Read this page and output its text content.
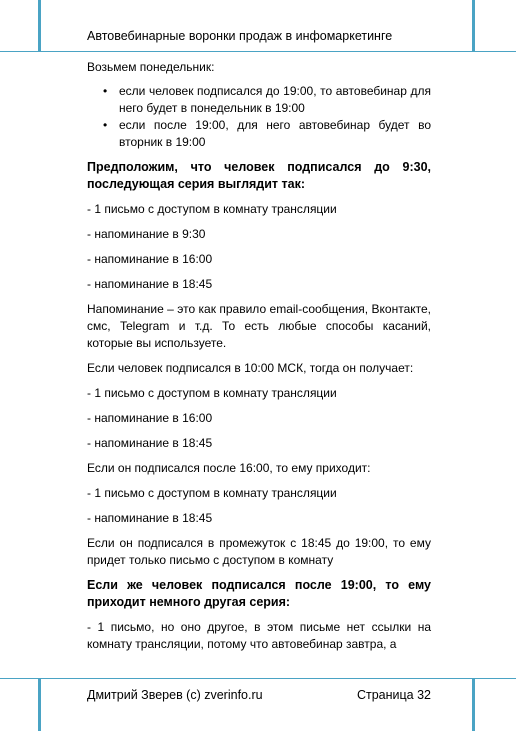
Автовебинарные воронки продаж в инфомаркетинге

Возьмем понедельник:

• если человек подписался до 19:00, то автовебинар для него будет в понедельник в 19:00
• если после 19:00, для него автовебинар будет во вторник в 19:00

Предположим, что человек подписался до 9:30, последующая серия выглядит так:

- 1 письмо с доступом в комнату трансляции

- напоминание в 9:30

- напоминание в 16:00

- напоминание в 18:45

Напоминание – это как правило email-сообщения, Вконтакте, смс, Telegram и т.д. То есть любые способы касаний, которые вы используете.

Если человек подписался в 10:00 МСК, тогда он получает:

- 1 письмо с доступом в комнату трансляции

- напоминание в 16:00

- напоминание в 18:45

Если он подписался после 16:00, то ему приходит:

- 1 письмо с доступом в комнату трансляции

- напоминание в 18:45

Если он подписался в промежуток с 18:45 до 19:00, то ему придет только письмо с доступом в комнату

Если же человек подписался после 19:00, то ему приходит немного другая серия:

- 1 письмо, но оно другое, в этом письме нет ссылки на комнату трансляции, потому что автовебинар завтра, а

Дмитрий Зверев (c) zverinfo.ru	Страница 32
